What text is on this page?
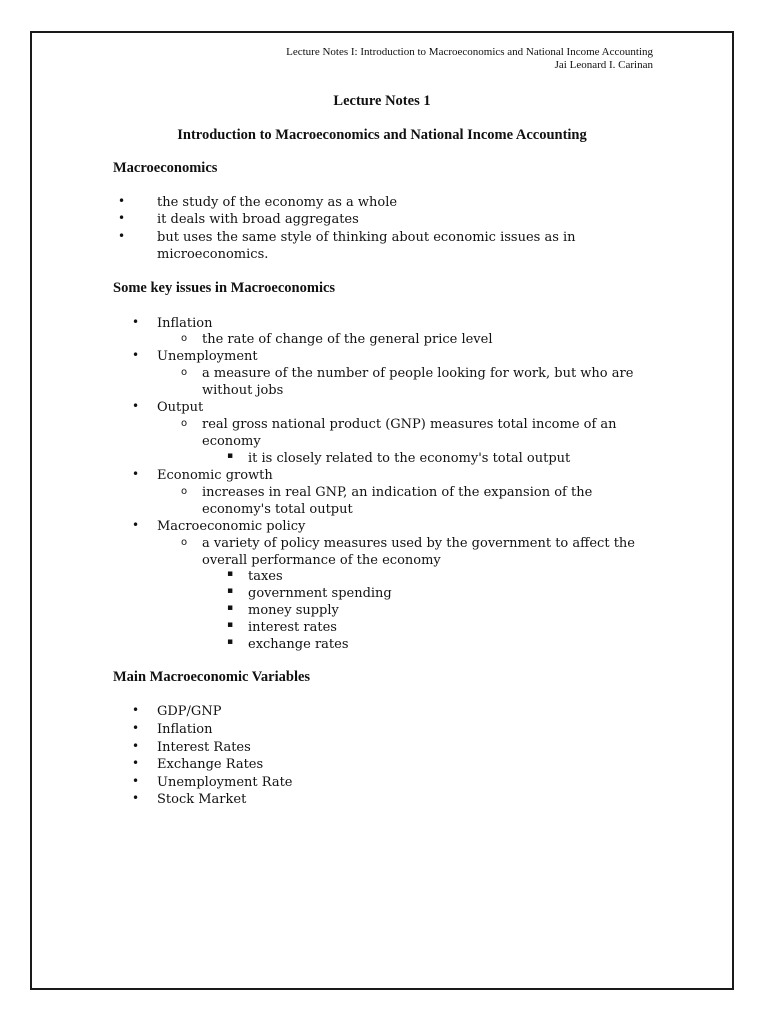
Lecture Notes I: Introduction to Macroeconomics and National Income Accounting
Jai Leonard I. Carinan
Lecture Notes 1
Introduction to Macroeconomics and National Income Accounting
Macroeconomics
• the study of the economy as a whole
• it deals with broad aggregates
• but uses the same style of thinking about economic issues as in
microeconomics.
Some key issues in Macroeconomics
• Inflation
o the rate of change of the general price level
• Unemployment
o a measure of the number of people looking for work, but who are
without jobs
• Output
o real gross national product (GNP) measures total income of an
economy
▪ it is closely related to the economy's total output
• Economic growth
o increases in real GNP, an indication of the expansion of the
economy's total output
• Macroeconomic policy
o a variety of policy measures used by the government to affect the
overall performance of the economy
▪ taxes
▪ government spending
▪ money supply
▪ interest rates
▪ exchange rates
Main Macroeconomic Variables
• GDP/GNP
• Inflation
• Interest Rates
• Exchange Rates
• Unemployment Rate
• Stock Market
